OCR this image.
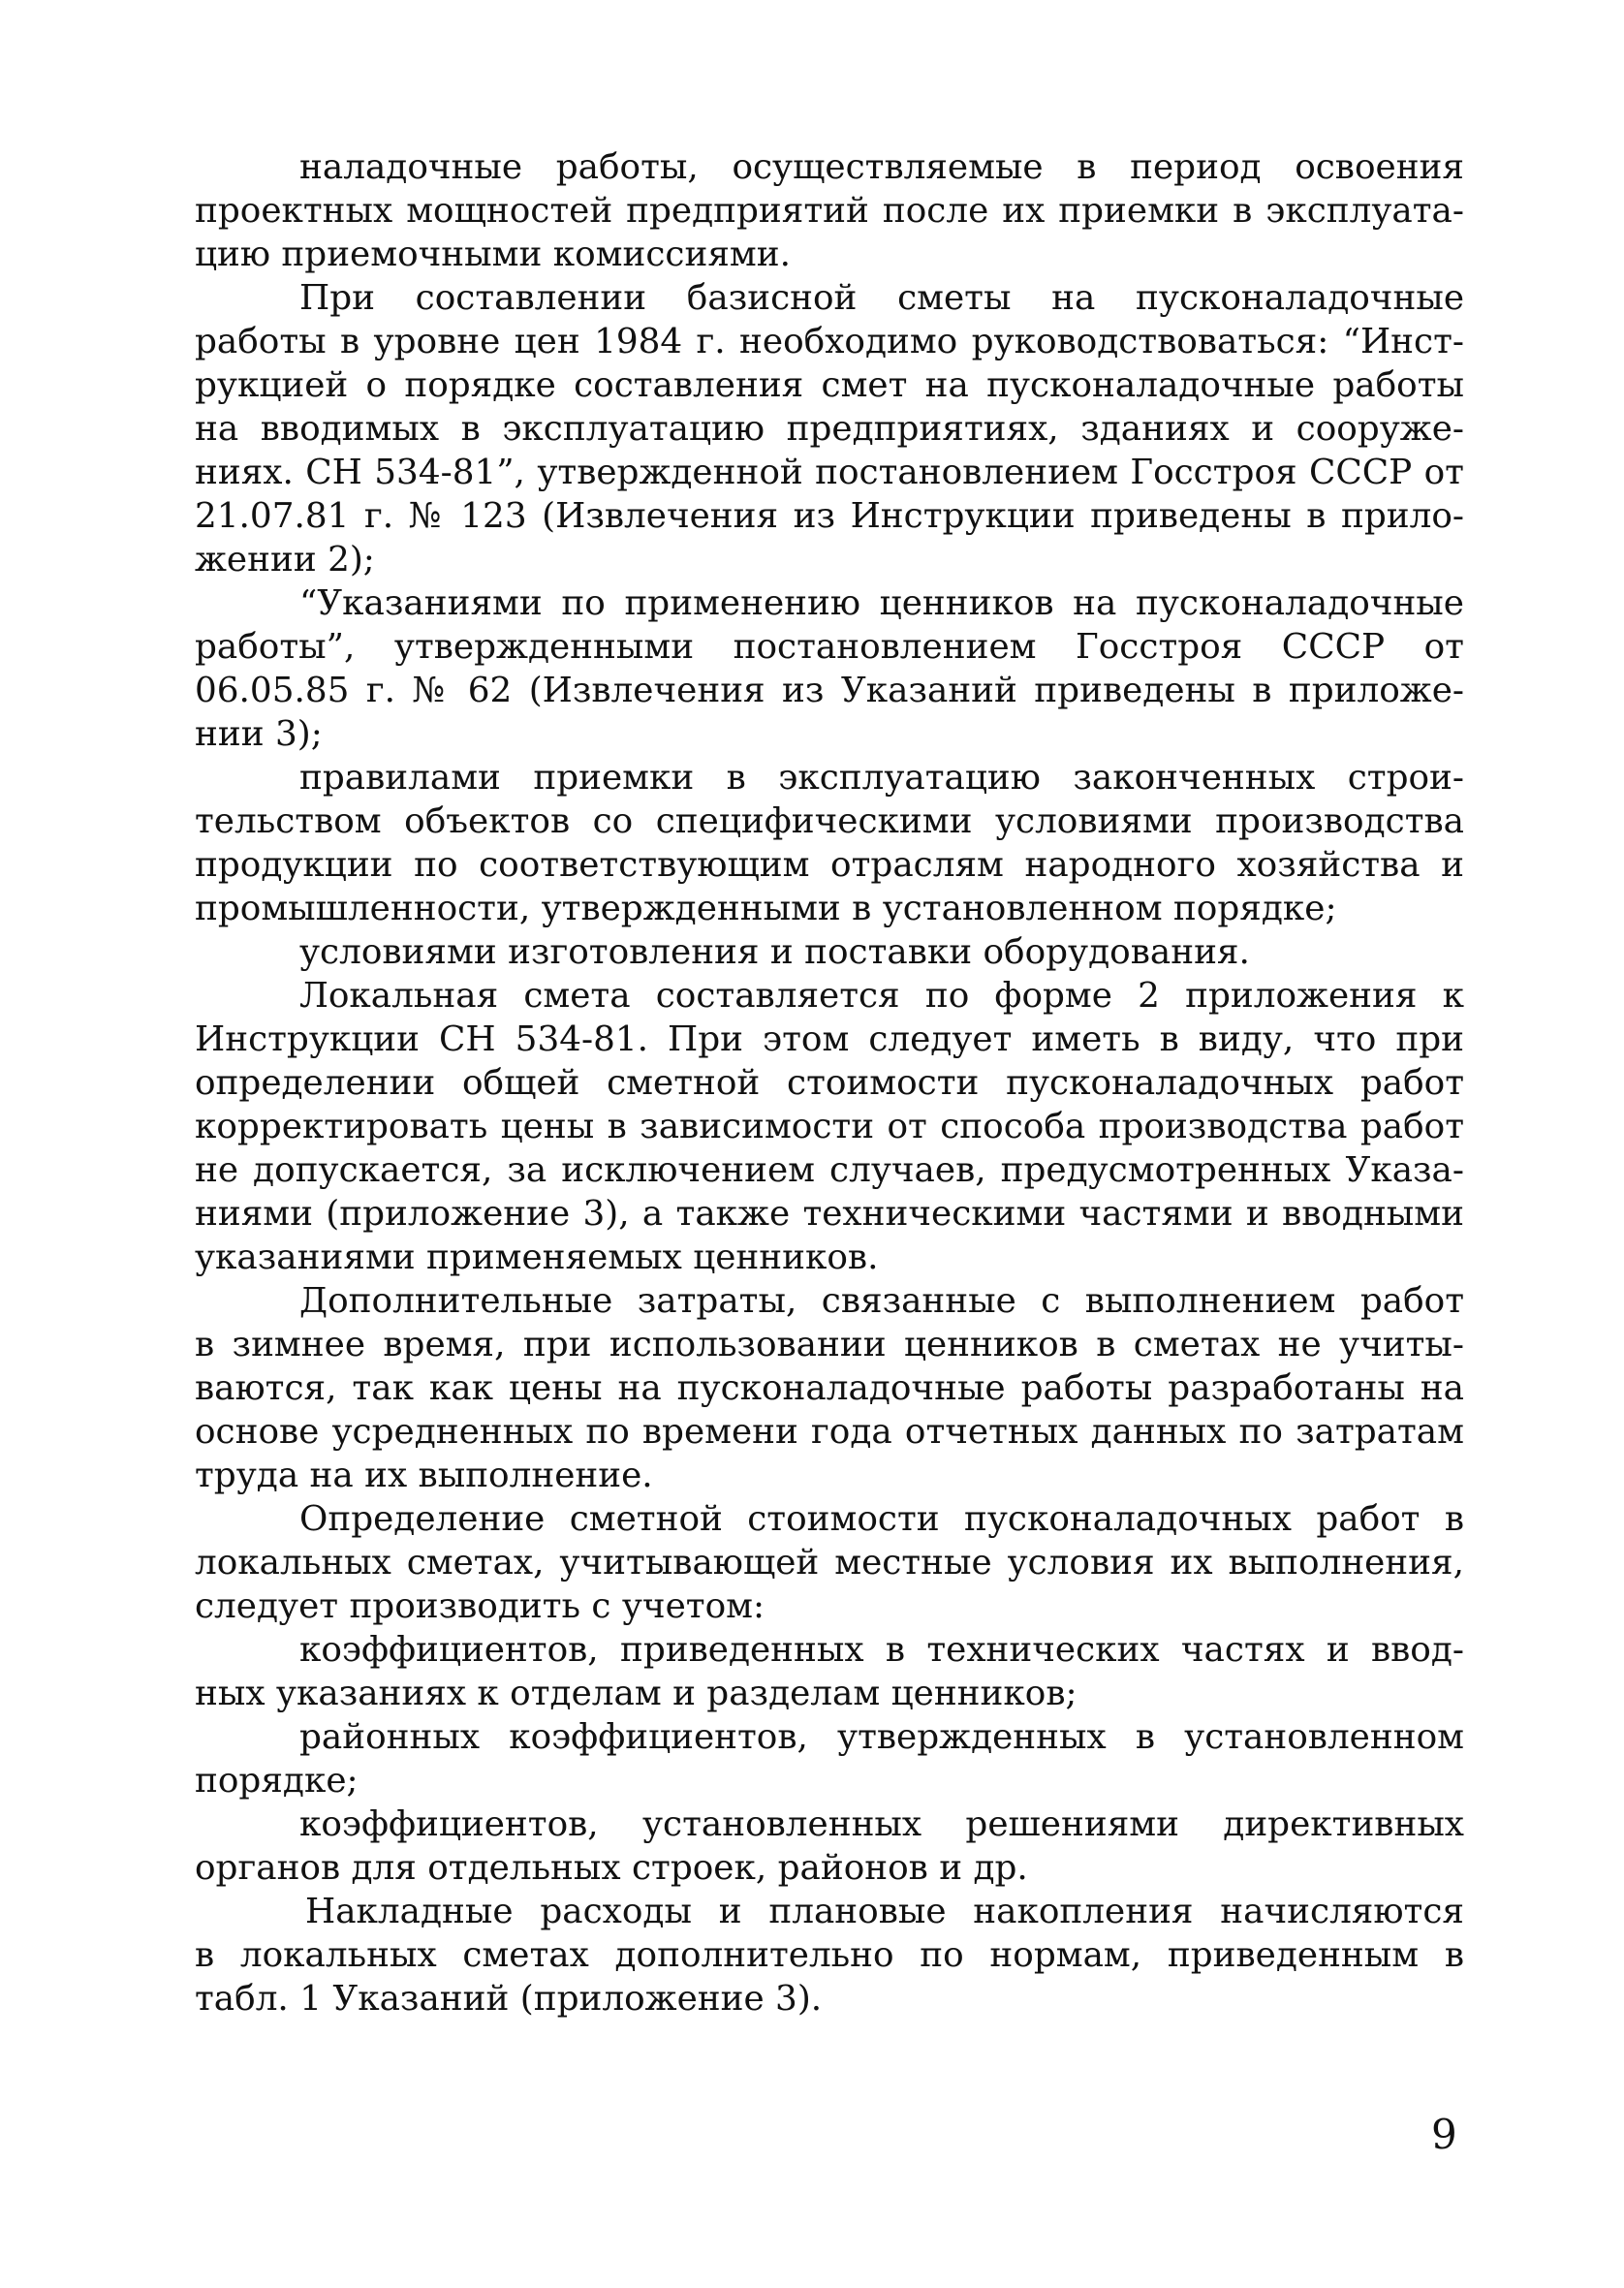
наладочные работы, осуществляемые в период освоения
проектных мощностей предприятий после их приемки в эксплуата-
цию приемочными комиссиями.
При составлении базисной сметы на пусконаладочные
работы в уровне цен 1984 г. необходимо руководствоваться: “Инст-
рукцией о порядке составления смет на пусконаладочные работы
на вводимых в эксплуатацию предприятиях, зданиях и сооруже-
ниях. СН 534-81”, утвержденной постановлением Госстроя СССР от
21.07.81 г. № 123 (Извлечения из Инструкции приведены в прило-
жении 2);
“Указаниями по применению ценников на пусконаладочные
работы”, утвержденными постановлением Госстроя СССР от
06.05.85 г. № 62 (Извлечения из Указаний приведены в приложе-
нии 3);
правилами приемки в эксплуатацию законченных строи-
тельством объектов со специфическими условиями производства
продукции по соответствующим отраслям народного хозяйства и
промышленности, утвержденными в установленном порядке;
условиями изготовления и поставки оборудования.
Локальная смета составляется по форме 2 приложения к
Инструкции СН 534-81. При этом следует иметь в виду, что при
определении общей сметной стоимости пусконаладочных работ
корректировать цены в зависимости от способа производства работ
не допускается, за исключением случаев, предусмотренных Указа-
ниями (приложение 3), а также техническими частями и вводными
указаниями применяемых ценников.
Дополнительные затраты, связанные с выполнением работ
в зимнее время, при использовании ценников в сметах не учиты-
ваются, так как цены на пусконаладочные работы разработаны на
основе усредненных по времени года отчетных данных по затратам
труда на их выполнение.
Определение сметной стоимости пусконаладочных работ в
локальных сметах, учитывающей местные условия их выполнения,
следует производить с учетом:
коэффициентов, приведенных в технических частях и ввод-
ных указаниях к отделам и разделам ценников;
районных коэффициентов, утвержденных в установленном
порядке;
коэффициентов, установленных решениями директивных
органов для отдельных строек, районов и др.
Накладные расходы и плановые накопления начисляются
в локальных сметах дополнительно по нормам, приведенным в
табл. 1 Указаний (приложение 3).
9
